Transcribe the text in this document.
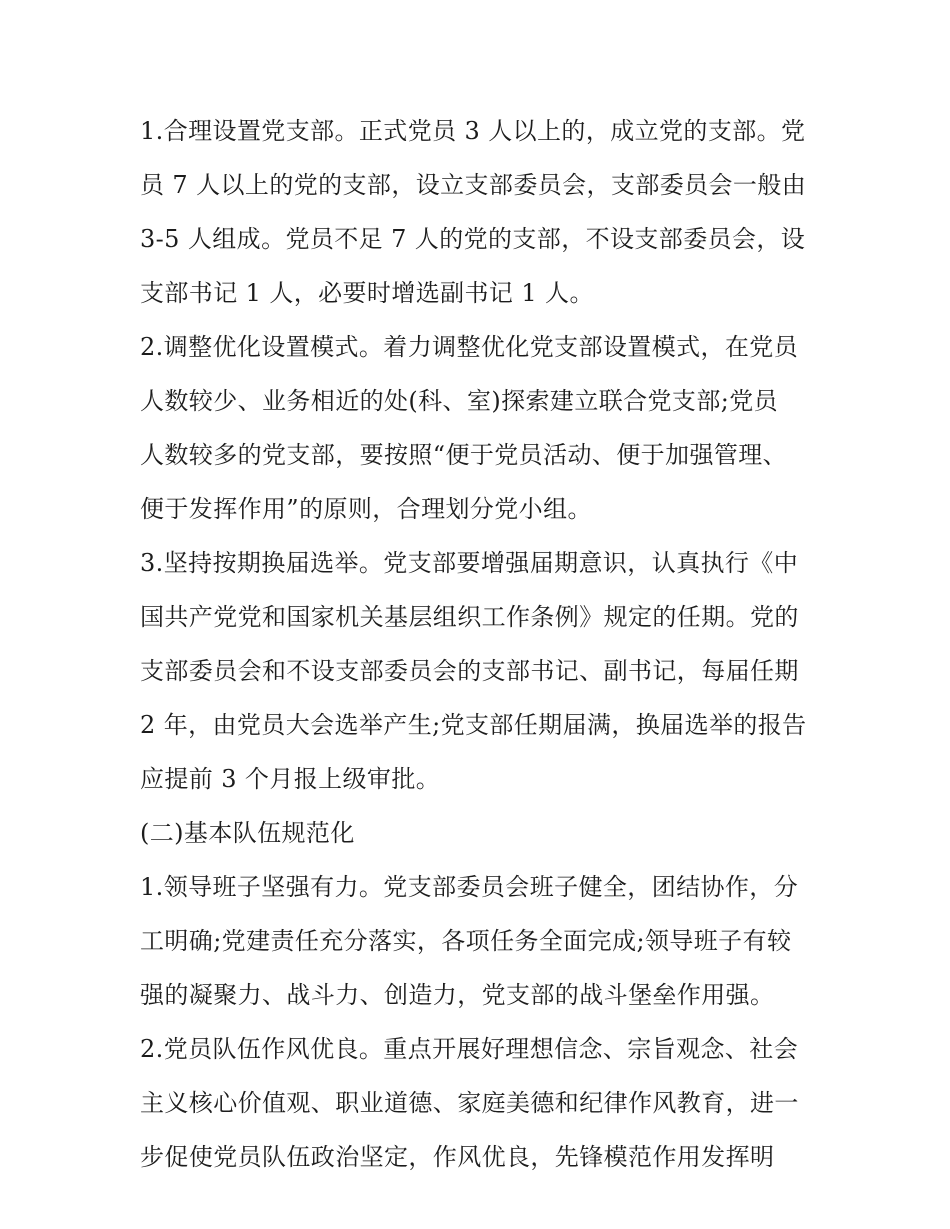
1.合理设置党支部。正式党员 3 人以上的，成立党的支部。党
员 7 人以上的党的支部，设立支部委员会，支部委员会一般由
3-5 人组成。党员不足 7 人的党的支部，不设支部委员会，设
支部书记 1 人，必要时增选副书记 1 人。
2.调整优化设置模式。着力调整优化党支部设置模式，在党员
人数较少、业务相近的处(科、室)探索建立联合党支部;党员
人数较多的党支部，要按照“便于党员活动、便于加强管理、
便于发挥作用”的原则，合理划分党小组。
3.坚持按期换届选举。党支部要增强届期意识，认真执行《中
国共产党党和国家机关基层组织工作条例》规定的任期。党的
支部委员会和不设支部委员会的支部书记、副书记，每届任期
2 年，由党员大会选举产生;党支部任期届满，换届选举的报告
应提前 3 个月报上级审批。
(二)基本队伍规范化
1.领导班子坚强有力。党支部委员会班子健全，团结协作，分
工明确;党建责任充分落实，各项任务全面完成;领导班子有较
强的凝聚力、战斗力、创造力，党支部的战斗堡垒作用强。
2.党员队伍作风优良。重点开展好理想信念、宗旨观念、社会
主义核心价值观、职业道德、家庭美德和纪律作风教育，进一
步促使党员队伍政治坚定，作风优良，先锋模范作用发挥明
